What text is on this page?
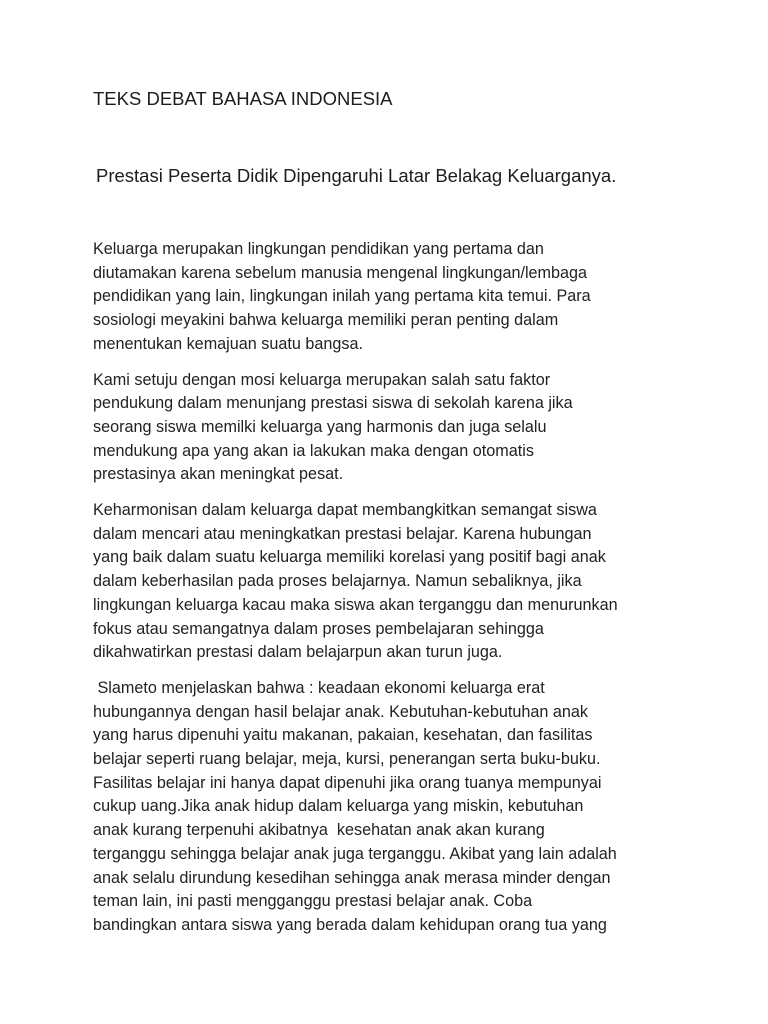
TEKS DEBAT BAHASA INDONESIA
Prestasi Peserta Didik Dipengaruhi Latar Belakag Keluarganya.

Keluarga merupakan lingkungan pendidikan yang pertama dan
diutamakan karena sebelum manusia mengenal lingkungan/lembaga
pendidikan yang lain, lingkungan inilah yang pertama kita temui. Para
sosiologi meyakini bahwa keluarga memiliki peran penting dalam
menentukan kemajuan suatu bangsa.

Kami setuju dengan mosi keluarga merupakan salah satu faktor
pendukung dalam menunjang prestasi siswa di sekolah karena jika
seorang siswa memilki keluarga yang harmonis dan juga selalu
mendukung apa yang akan ia lakukan maka dengan otomatis
prestasinya akan meningkat pesat.

Keharmonisan dalam keluarga dapat membangkitkan semangat siswa
dalam mencari atau meningkatkan prestasi belajar. Karena hubungan
yang baik dalam suatu keluarga memiliki korelasi yang positif bagi anak
dalam keberhasilan pada proses belajarnya. Namun sebaliknya, jika
lingkungan keluarga kacau maka siswa akan terganggu dan menurunkan
fokus atau semangatnya dalam proses pembelajaran sehingga
dikahwatirkan prestasi dalam belajarpun akan turun juga.

Slameto menjelaskan bahwa : keadaan ekonomi keluarga erat
hubungannya dengan hasil belajar anak. Kebutuhan-kebutuhan anak
yang harus dipenuhi yaitu makanan, pakaian, kesehatan, dan fasilitas
belajar seperti ruang belajar, meja, kursi, penerangan serta buku-buku.
Fasilitas belajar ini hanya dapat dipenuhi jika orang tuanya mempunyai
cukup uang.Jika anak hidup dalam keluarga yang miskin, kebutuhan
anak kurang terpenuhi akibatnya  kesehatan anak akan kurang
terganggu sehingga belajar anak juga terganggu. Akibat yang lain adalah
anak selalu dirundung kesedihan sehingga anak merasa minder dengan
teman lain, ini pasti mengganggu prestasi belajar anak. Coba
bandingkan antara siswa yang berada dalam kehidupan orang tua yang
